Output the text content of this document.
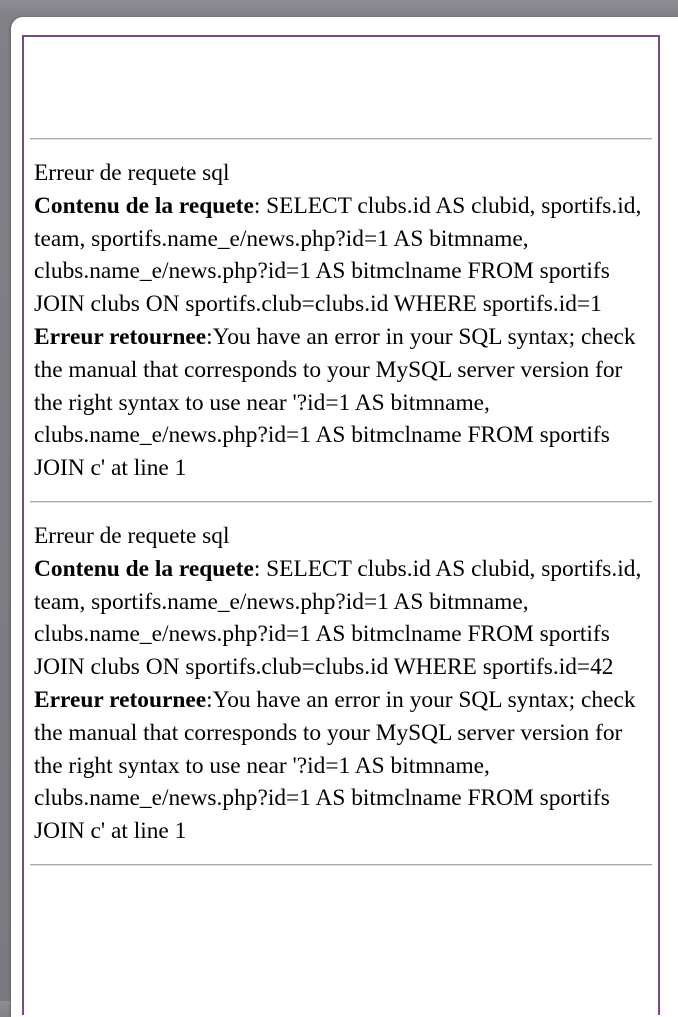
Erreur de requete sql
Contenu de la requete: SELECT clubs.id AS clubid, sportifs.id, team, sportifs.name_e/news.php?id=1 AS bitmname, clubs.name_e/news.php?id=1 AS bitmclname FROM sportifs JOIN clubs ON sportifs.club=clubs.id WHERE sportifs.id=1
Erreur retournee:You have an error in your SQL syntax; check the manual that corresponds to your MySQL server version for the right syntax to use near '?id=1 AS bitmname, clubs.name_e/news.php?id=1 AS bitmclname FROM sportifs JOIN c' at line 1
Erreur de requete sql
Contenu de la requete: SELECT clubs.id AS clubid, sportifs.id, team, sportifs.name_e/news.php?id=1 AS bitmname, clubs.name_e/news.php?id=1 AS bitmclname FROM sportifs JOIN clubs ON sportifs.club=clubs.id WHERE sportifs.id=42
Erreur retournee:You have an error in your SQL syntax; check the manual that corresponds to your MySQL server version for the right syntax to use near '?id=1 AS bitmname, clubs.name_e/news.php?id=1 AS bitmclname FROM sportifs JOIN c' at line 1
